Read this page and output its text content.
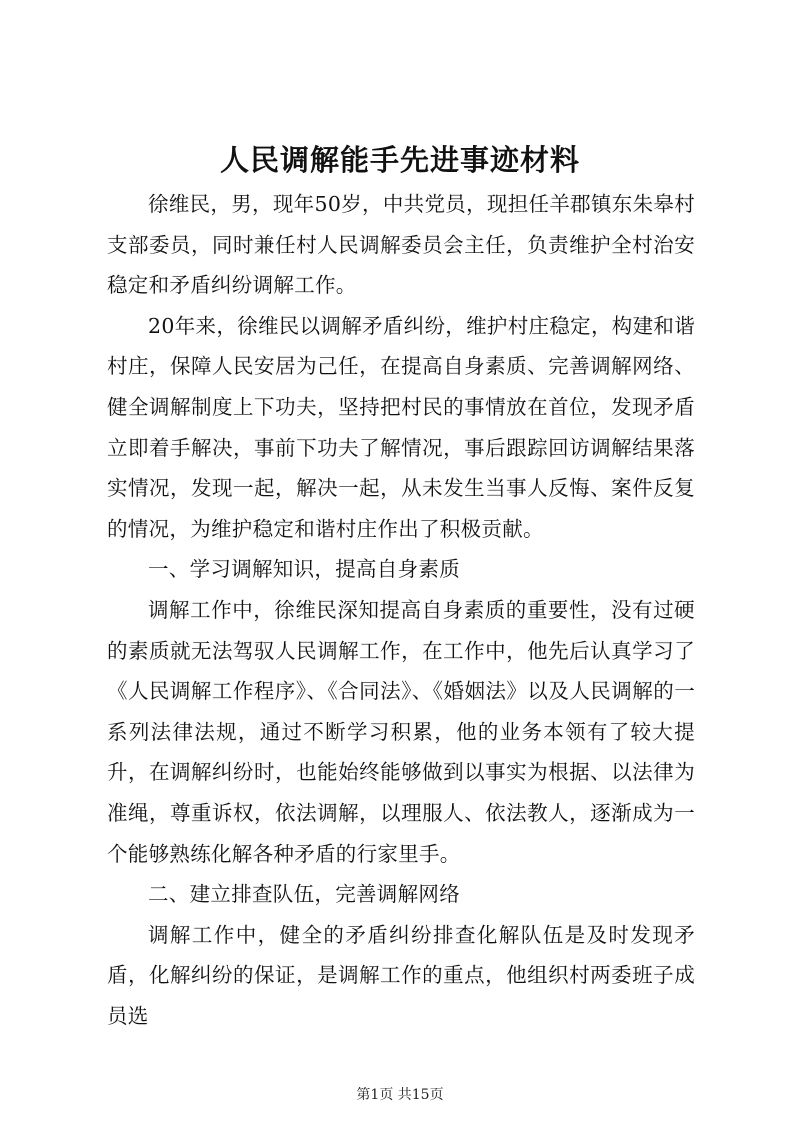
人民调解能手先进事迹材料

徐维民，男，现年50岁，中共党员，现担任羊郡镇东朱皋村支部委员，同时兼任村人民调解委员会主任，负责维护全村治安稳定和矛盾纠纷调解工作。

20年来，徐维民以调解矛盾纠纷，维护村庄稳定，构建和谐村庄，保障人民安居为己任，在提高自身素质、完善调解网络、健全调解制度上下功夫，坚持把村民的事情放在首位，发现矛盾立即着手解决，事前下功夫了解情况，事后跟踪回访调解结果落实情况，发现一起，解决一起，从未发生当事人反悔、案件反复的情况，为维护稳定和谐村庄作出了积极贡献。

一、学习调解知识，提高自身素质

调解工作中，徐维民深知提高自身素质的重要性，没有过硬的素质就无法驾驭人民调解工作，在工作中，他先后认真学习了《人民调解工作程序》、《合同法》、《婚姻法》以及人民调解的一系列法律法规，通过不断学习积累，他的业务本领有了较大提升，在调解纠纷时，也能始终能够做到以事实为根据、以法律为准绳，尊重诉权，依法调解，以理服人、依法教人，逐渐成为一个能够熟练化解各种矛盾的行家里手。

二、建立排查队伍，完善调解网络

调解工作中，健全的矛盾纠纷排查化解队伍是及时发现矛盾，化解纠纷的保证，是调解工作的重点，他组织村两委班子成员选

第1页 共15页
